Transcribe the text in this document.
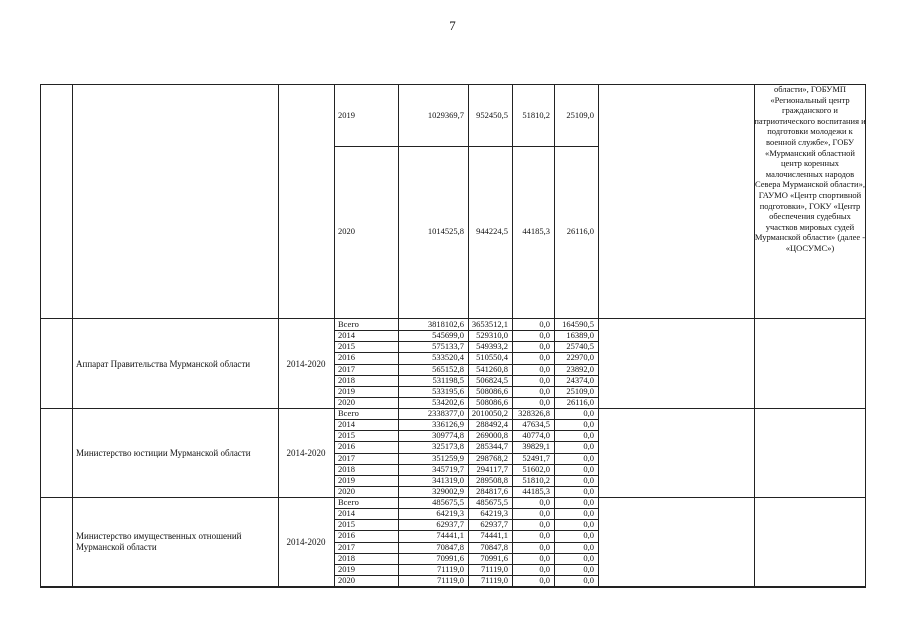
7
2019	1029369,7	952450,5	51810,2	25109,0
2020	1014525,8	944224,5	44185,3	26116,0
области», ГОБУМП «Региональный центр гражданского и патриотического воспитания и подготовки молодежи к военной службе», ГОБУ «Мурманский областной центр коренных малочисленных народов Севера Мурманской области», ГАУМО «Центр спортивной подготовки», ГОКУ «Центр обеспечения судебных участков мировых судей Мурманской области» (далее - «ЦОСУМС»)
Аппарат Правительства Мурманской области	2014-2020
Всего	3818102,6 3653512,1	0,0	164590,5
2014	545699,0	529310,0	0,0	16389,0
2015	575133,7	549393,2	0,0	25740,5
2016	533520,4	510550,4	0,0	22970,0
2017	565152,8	541260,8	0,0	23892,0
2018	531198,5	506824,5	0,0	24374,0
2019	533195,6	508086,6	0,0	25109,0
2020	534202,6	508086,6	0,0	26116,0
Министерство юстиции Мурманской области	2014-2020
Всего	2338377,0 2010050,2	328326,8	0,0
2014	336126,9	288492,4	47634,5	0,0
2015	309774,8	269000,8	40774,0	0,0
2016	325173,8	285344,7	39829,1	0,0
2017	351259,9	298768,2	52491,7	0,0
2018	345719,7	294117,7	51602,0	0,0
2019	341319,0	289508,8	51810,2	0,0
2020	329002,9	284817,6	44185,3	0,0
Министерство имущественных отношений Мурманской области	2014-2020
Всего	485675,5	485675,5	0,0	0,0
2014	64219,3	64219,3	0,0	0,0
2015	62937,7	62937,7	0,0	0,0
2016	74441,1	74441,1	0,0	0,0
2017	70847,8	70847,8	0,0	0,0
2018	70991,6	70991,6	0,0	0,0
2019	71119,0	71119,0	0,0	0,0
2020	71119,0	71119,0	0,0	0,0
